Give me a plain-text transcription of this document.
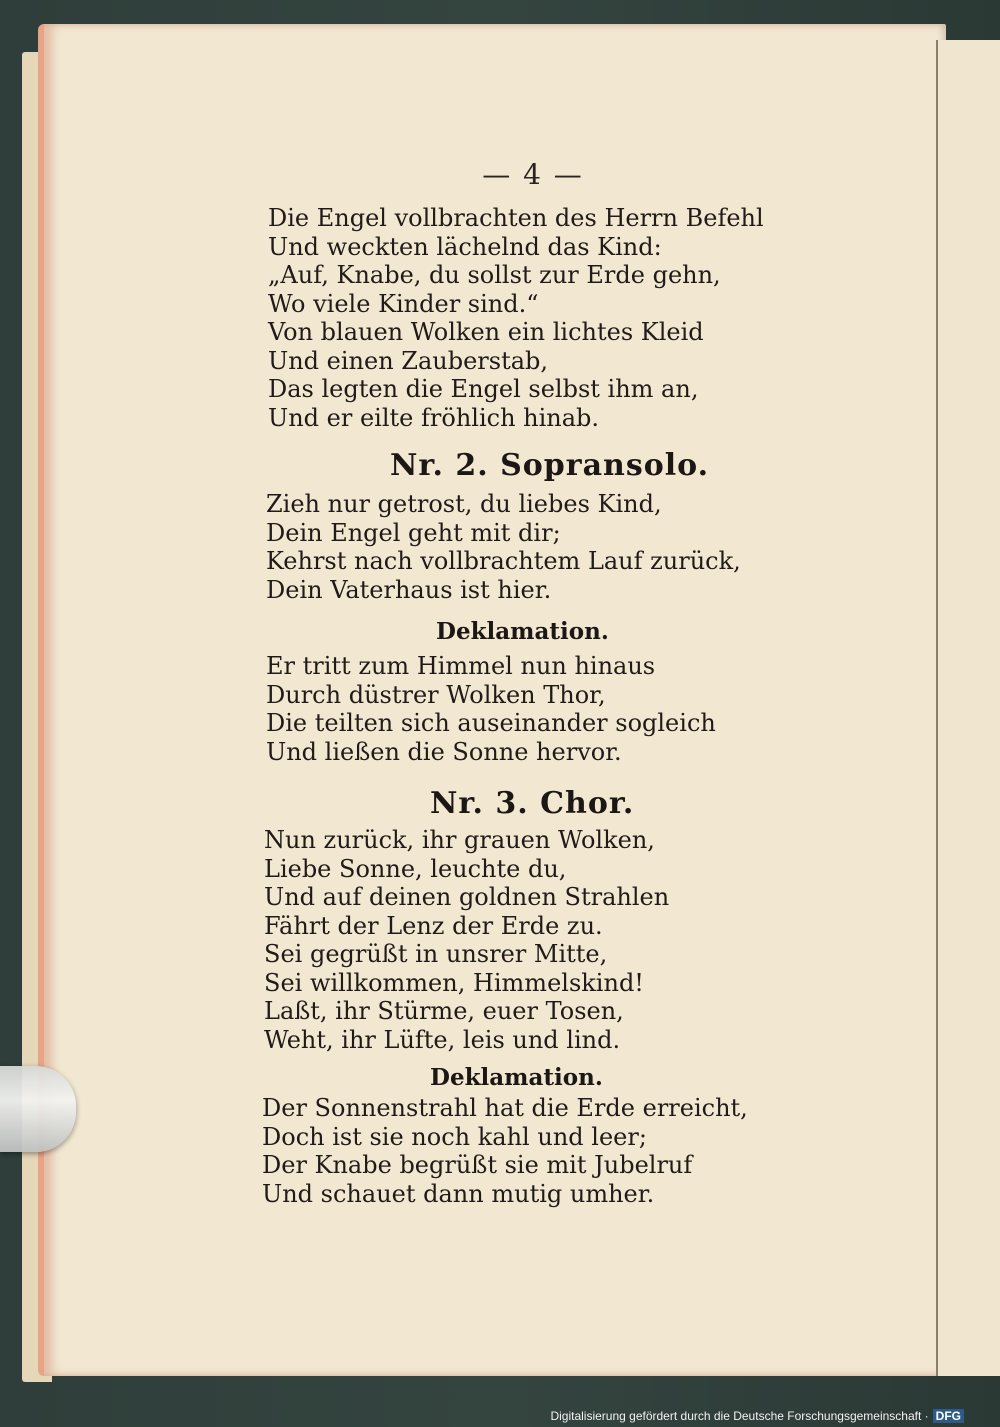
— 4 —
Die Engel vollbrachten des Herrn Befehl
Und weckten lächelnd das Kind:
„Auf, Knabe, du sollst zur Erde gehn,
Wo viele Kinder sind.“
Von blauen Wolken ein lichtes Kleid
Und einen Zauberstab,
Das legten die Engel selbst ihm an,
Und er eilte fröhlich hinab.
Nr. 2. Sopransolo.
Zieh nur getrost, du liebes Kind,
Dein Engel geht mit dir;
Kehrst nach vollbrachtem Lauf zurück,
Dein Vaterhaus ist hier.
Deklamation.
Er tritt zum Himmel nun hinaus
Durch düstrer Wolken Thor,
Die teilten sich auseinander sogleich
Und ließen die Sonne hervor.
Nr. 3. Chor.
Nun zurück, ihr grauen Wolken,
Liebe Sonne, leuchte du,
Und auf deinen goldnen Strahlen
Fährt der Lenz der Erde zu.
Sei gegrüßt in unsrer Mitte,
Sei willkommen, Himmelskind!
Laßt, ihr Stürme, euer Tosen,
Weht, ihr Lüfte, leis und lind.
Deklamation.
Der Sonnenstrahl hat die Erde erreicht,
Doch ist sie noch kahl und leer;
Der Knabe begrüßt sie mit Jubelruf
Und schauet dann mutig umher.
Digitalisierung gefördert durch die Deutsche Forschungsgemeinschaft · DFG
